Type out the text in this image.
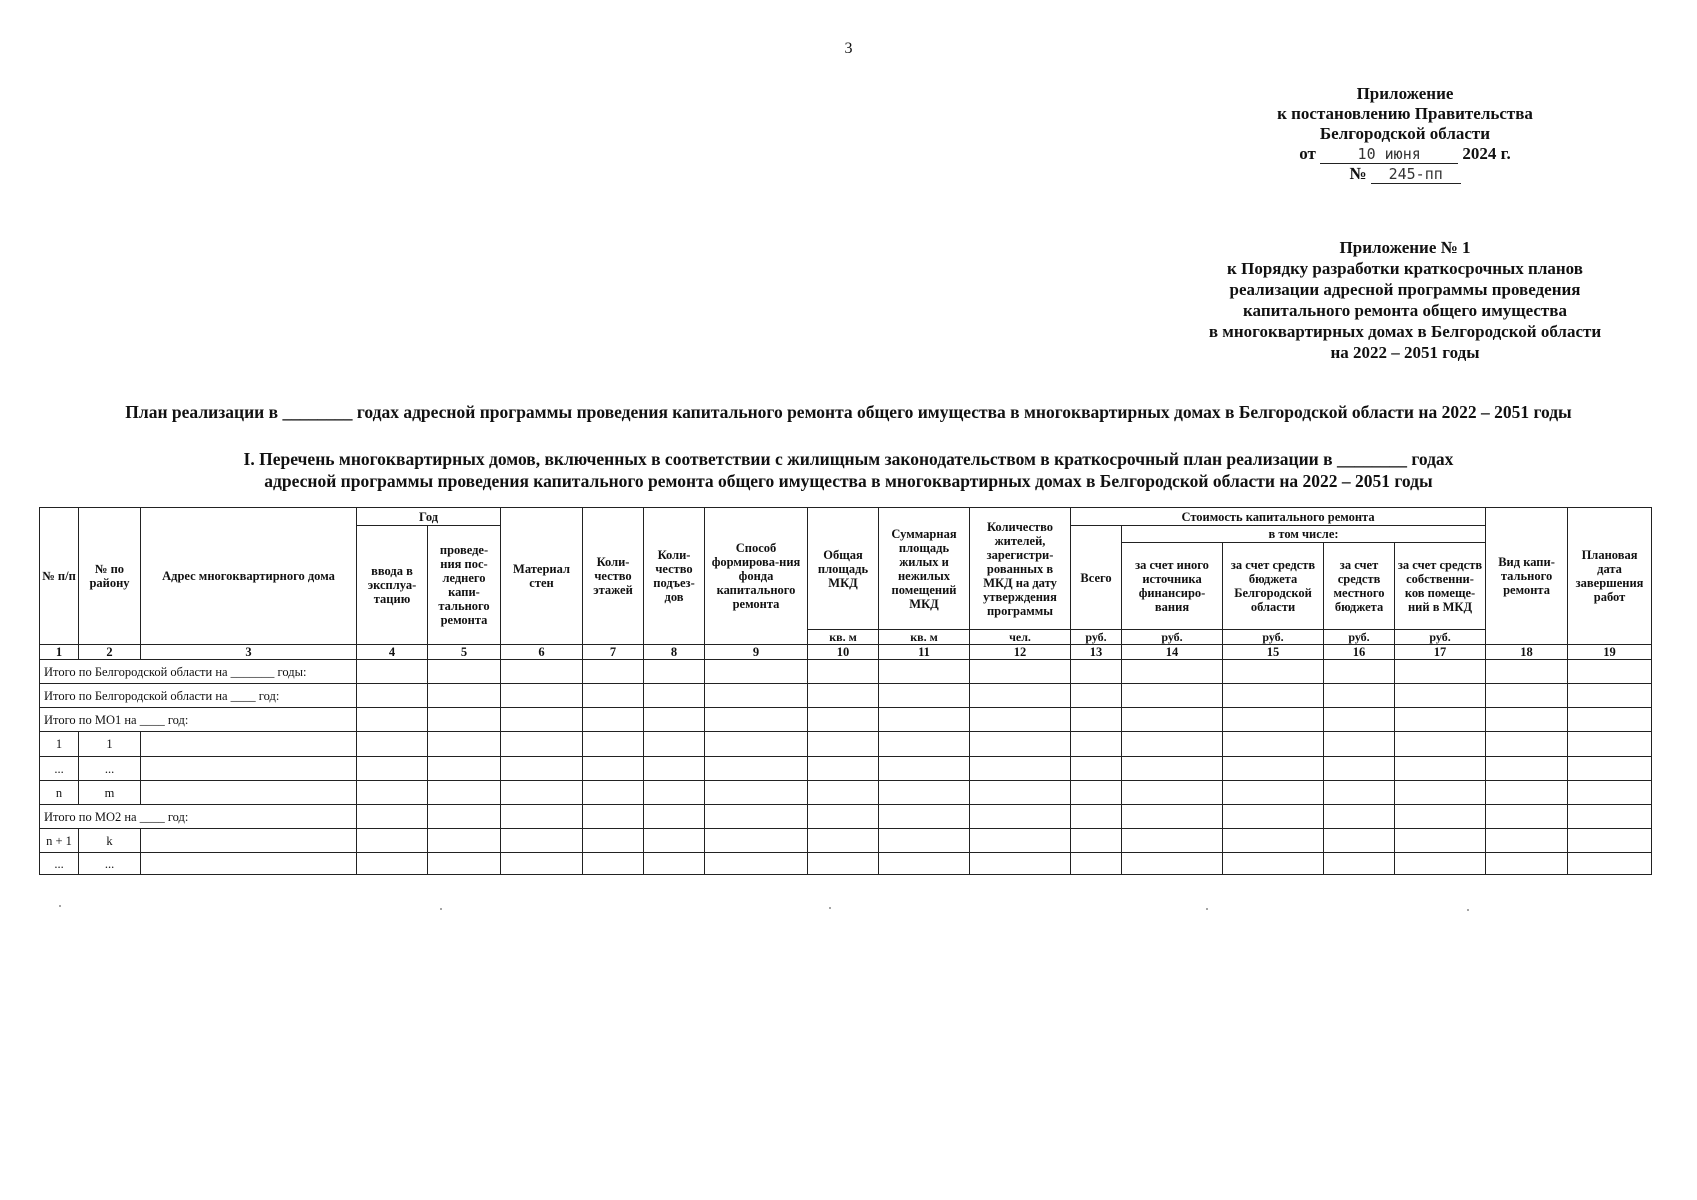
3
Приложение
к постановлению Правительства
Белгородской области
от	10 июня 2024 г.
№ 245-пп
Приложение № 1
к Порядку разработки краткосрочных планов
реализации адресной программы проведения
капитального ремонта общего имущества
в многоквартирных домах в Белгородской области
на 2022 – 2051 годы
План реализации в ________ годах адресной программы проведения капитального ремонта общего имущества в многоквартирных домах в Белгородской области на 2022 – 2051 годы
I. Перечень многоквартирных домов, включенных в соответствии с жилищным законодательством в краткосрочный план реализации в ________ годах
адресной программы проведения капитального ремонта общего имущества в многоквартирных домах в Белгородской области на 2022 – 2051 годы
№ п/п	№ по району	Адрес многоквартирного дома	Год		Материал стен	Коли-чество этажей	Коли-чество подъез-дов	Способ формирова-ния фонда капитального ремонта	Общая площадь МКД	Суммарная площадь жилых и нежилых помещений МКД	Количество жителей, зарегистри-рованных в МКД на дату утверждения программы	Стоимость капитального ремонта					Вид капи-тального ремонта	Плановая дата завершения работ
			ввода в эксплуа-тацию	проведе-ния пос-леднего капи-тального ремонта								Всего	в том числе:					
													за счет иного источника финансиро-вания	за счет средств бюджета Белгородской области	за счет средств местного бюджета	за счет средств собственни-ков помеще-ний в МКД		
									кв. м	кв. м	чел.	руб.	руб.	руб.	руб.	руб.		
1	2	3	4	5	6	7	8	9	10	11	12	13	14	15	16	17	18	19
Итого по Белгородской области на _______ годы:																		
Итого по Белгородской области на ____ год:																		
Итого по МО1 на ____ год:																		
1	1																	
...	...																	
n	m																	
Итого по МО2 на ____ год:																		
n + 1	k																	
...	...																	
